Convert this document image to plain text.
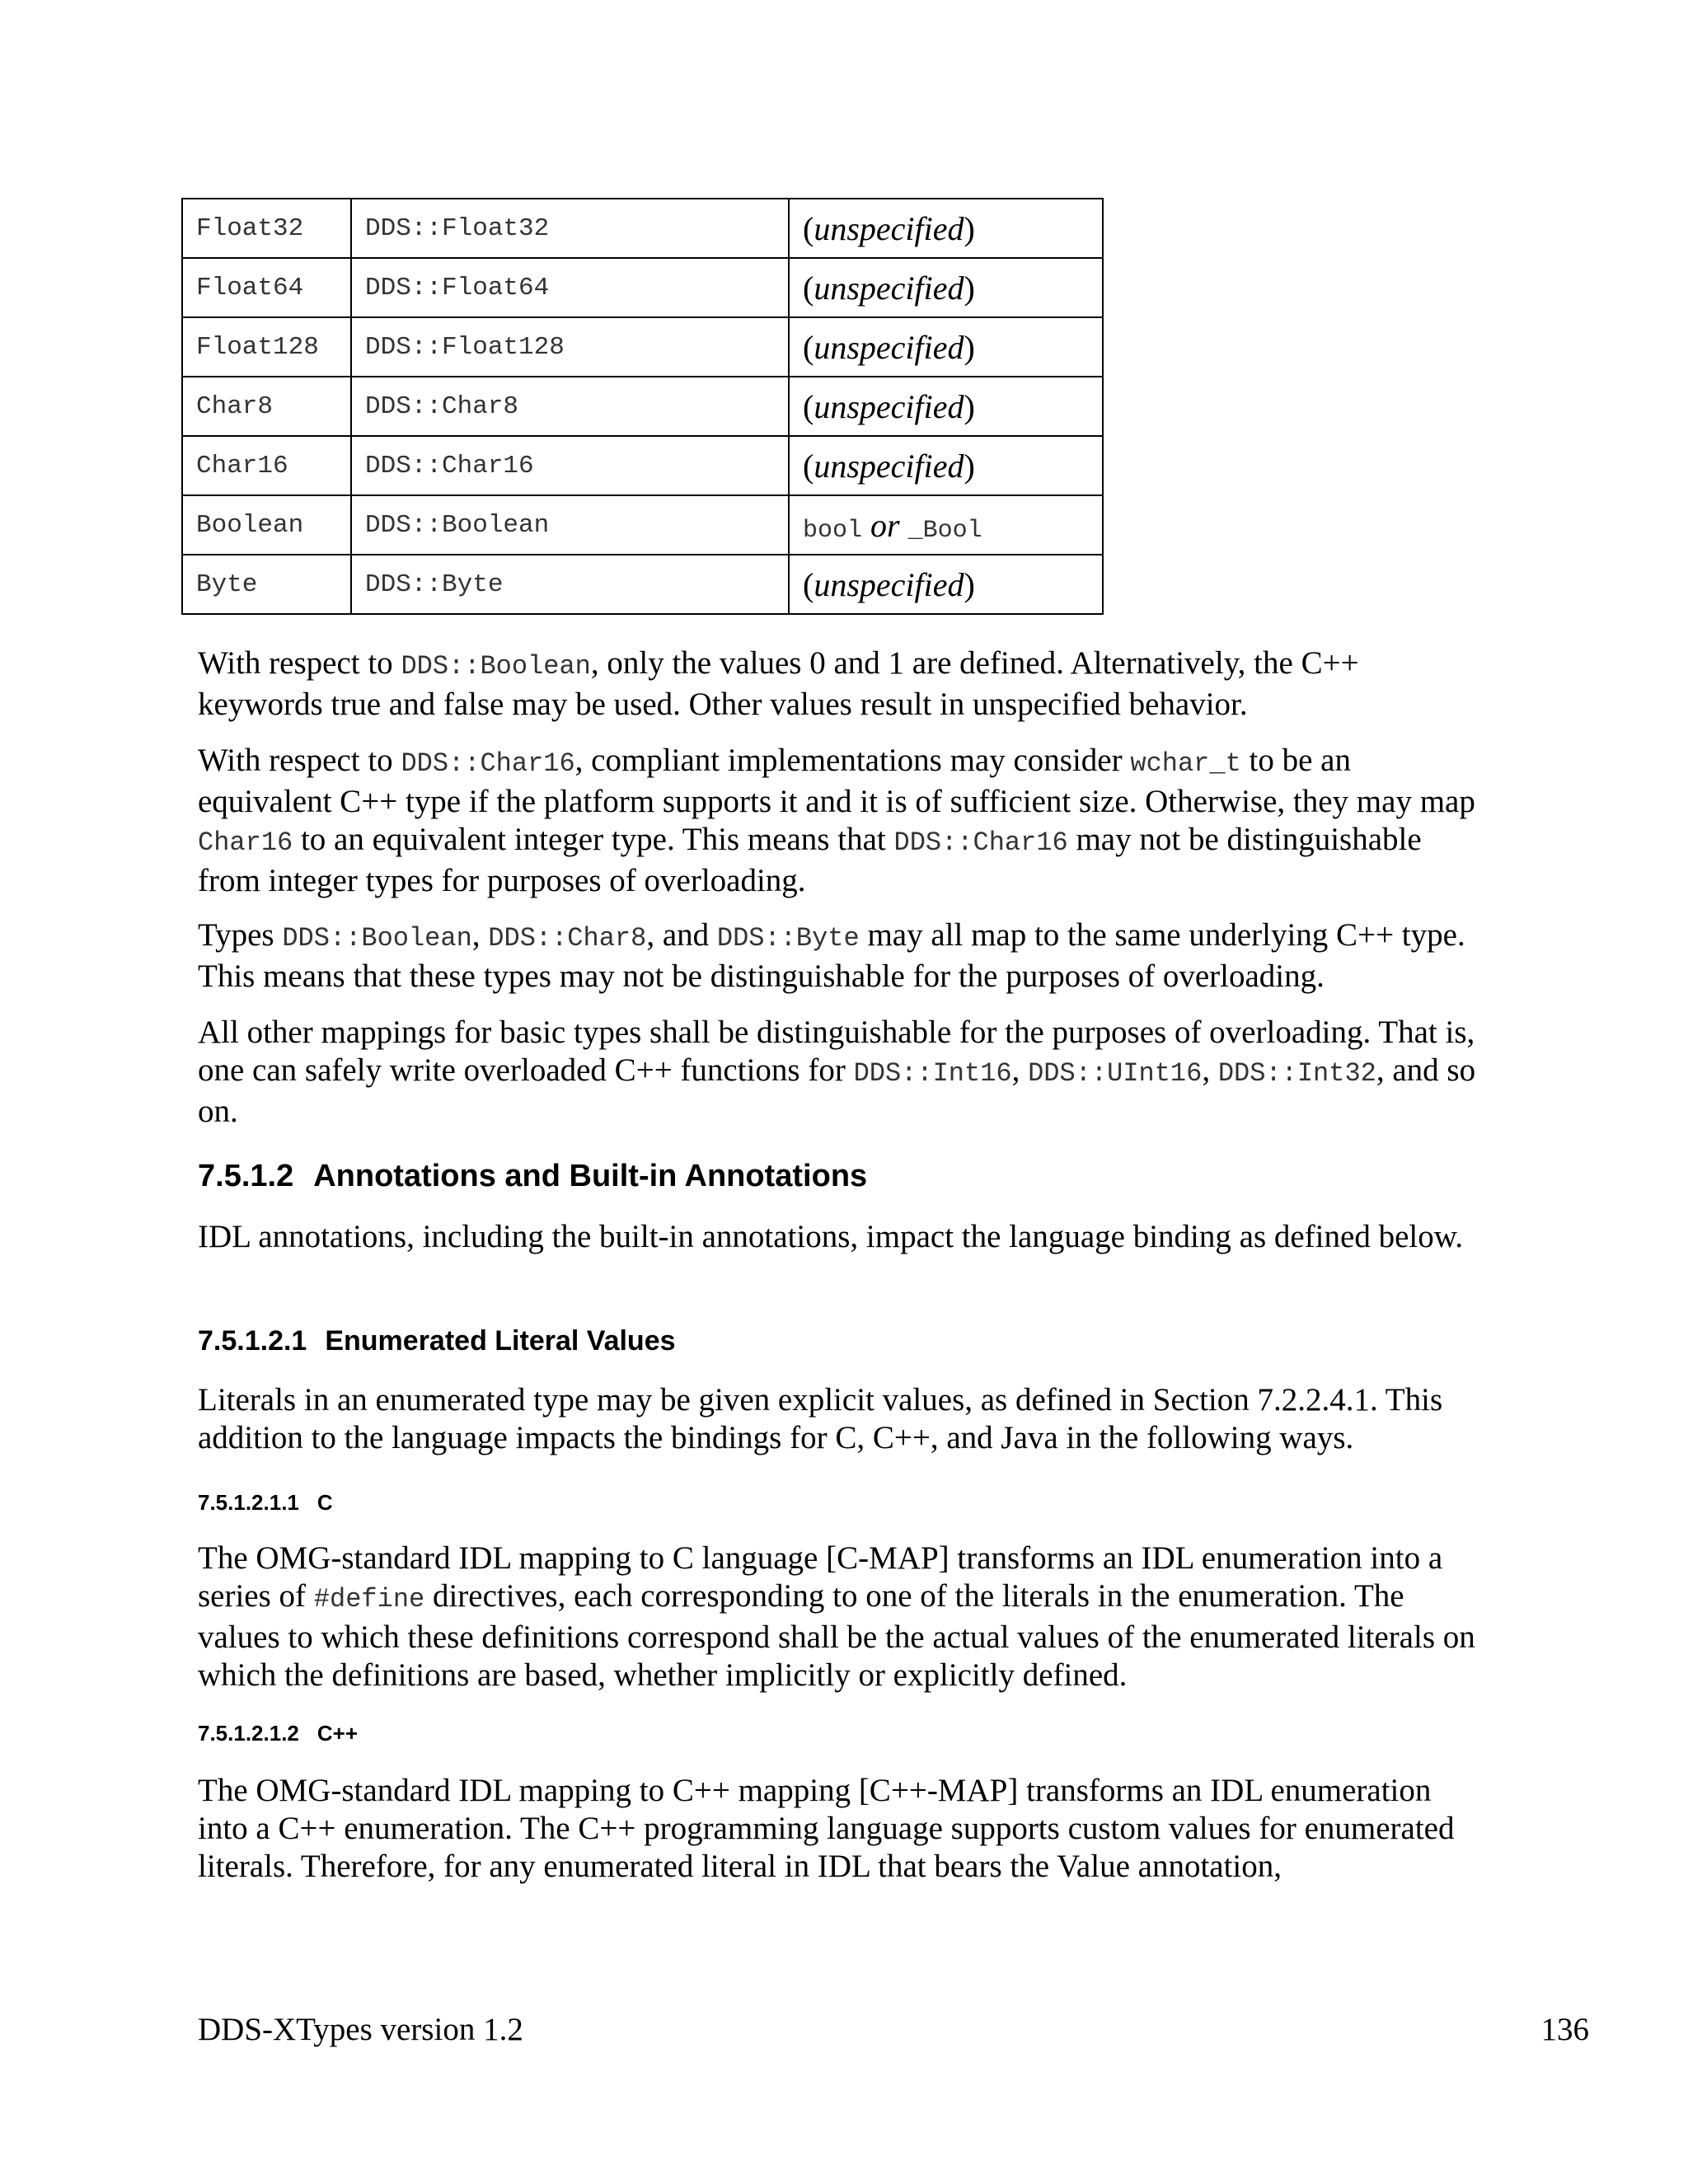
Float32	DDS::Float32	(unspecified)
Float64	DDS::Float64	(unspecified)
Float128	DDS::Float128	(unspecified)
Char8	DDS::Char8	(unspecified)
Char16	DDS::Char16	(unspecified)
Boolean	DDS::Boolean	bool or _Bool
Byte	DDS::Byte	(unspecified)

With respect to DDS::Boolean, only the values 0 and 1 are defined. Alternatively, the C++ keywords true and false may be used. Other values result in unspecified behavior.

With respect to DDS::Char16, compliant implementations may consider wchar_t to be an equivalent C++ type if the platform supports it and it is of sufficient size. Otherwise, they may map Char16 to an equivalent integer type. This means that DDS::Char16 may not be distinguishable from integer types for purposes of overloading.

Types DDS::Boolean, DDS::Char8, and DDS::Byte may all map to the same underlying C++ type. This means that these types may not be distinguishable for the purposes of overloading.

All other mappings for basic types shall be distinguishable for the purposes of overloading. That is, one can safely write overloaded C++ functions for DDS::Int16, DDS::UInt16, DDS::Int32, and so on.

7.5.1.2 Annotations and Built-in Annotations

IDL annotations, including the built-in annotations, impact the language binding as defined below.

7.5.1.2.1 Enumerated Literal Values

Literals in an enumerated type may be given explicit values, as defined in Section 7.2.2.4.1. This addition to the language impacts the bindings for C, C++, and Java in the following ways.

7.5.1.2.1.1 C

The OMG-standard IDL mapping to C language [C-MAP] transforms an IDL enumeration into a series of #define directives, each corresponding to one of the literals in the enumeration. The values to which these definitions correspond shall be the actual values of the enumerated literals on which the definitions are based, whether implicitly or explicitly defined.

7.5.1.2.1.2 C++

The OMG-standard IDL mapping to C++ mapping [C++-MAP] transforms an IDL enumeration into a C++ enumeration. The C++ programming language supports custom values for enumerated literals. Therefore, for any enumerated literal in IDL that bears the Value annotation,

DDS-XTypes version 1.2	136
